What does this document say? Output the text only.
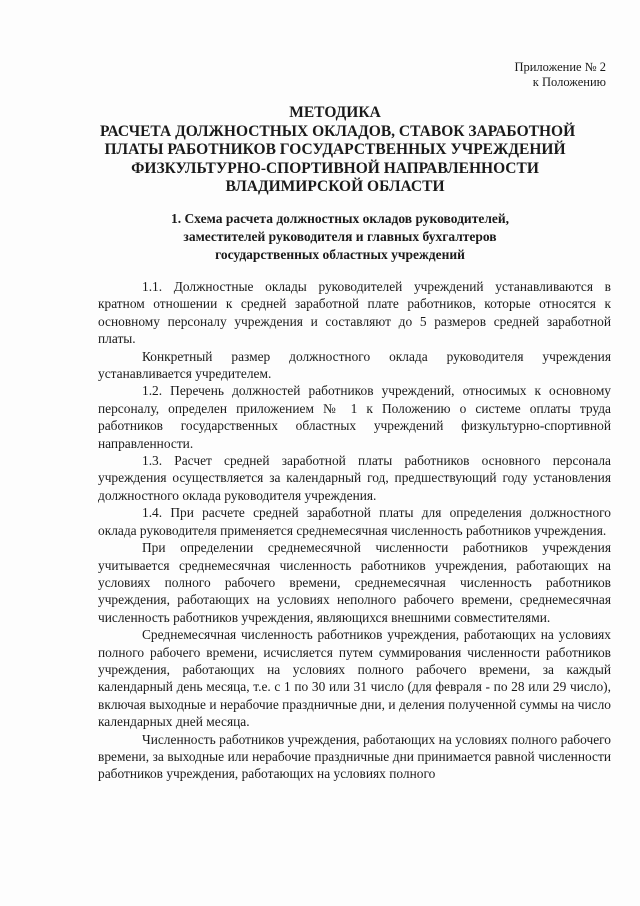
Приложение № 2
к Положению
МЕТОДИКА
РАСЧЕТА ДОЛЖНОСТНЫХ ОКЛАДОВ, СТАВОК ЗАРАБОТНОЙ
ПЛАТЫ РАБОТНИКОВ ГОСУДАРСТВЕННЫХ УЧРЕЖДЕНИЙ
ФИЗКУЛЬТУРНО-СПОРТИВНОЙ НАПРАВЛЕННОСТИ
ВЛАДИМИРСКОЙ ОБЛАСТИ
1. Схема расчета должностных окладов руководителей,
заместителей руководителя и главных бухгалтеров
государственных областных учреждений

1.1. Должностные оклады руководителей учреждений устанавливаются в кратном отношении к средней заработной плате работников, которые относятся к основному персоналу учреждения и составляют до 5 размеров средней заработной платы.

Конкретный размер должностного оклада руководителя учреждения устанавливается учредителем.

1.2. Перечень должностей работников учреждений, относимых к основному персоналу, определен приложением № 1 к Положению о системе оплаты труда работников государственных областных учреждений физкультурно-спортивной направленности.

1.3. Расчет средней заработной платы работников основного персонала учреждения осуществляется за календарный год, предшествующий году установления должностного оклада руководителя учреждения.

1.4. При расчете средней заработной платы для определения должностного оклада руководителя применяется среднемесячная численность работников учреждения.

При определении среднемесячной численности работников учреждения учитывается среднемесячная численность работников учреждения, работающих на условиях полного рабочего времени, среднемесячная численность работников учреждения, работающих на условиях неполного рабочего времени, среднемесячная численность работников учреждения, являющихся внешними совместителями.

Среднемесячная численность работников учреждения, работающих на условиях полного рабочего времени, исчисляется путем суммирования численности работников учреждения, работающих на условиях полного рабочего времени, за каждый календарный день месяца, т.е. с 1 по 30 или 31 число (для февраля - по 28 или 29 число), включая выходные и нерабочие праздничные дни, и деления полученной суммы на число календарных дней месяца.

Численность работников учреждения, работающих на условиях полного рабочего времени, за выходные или нерабочие праздничные дни принимается равной численности работников учреждения, работающих на условиях полного
